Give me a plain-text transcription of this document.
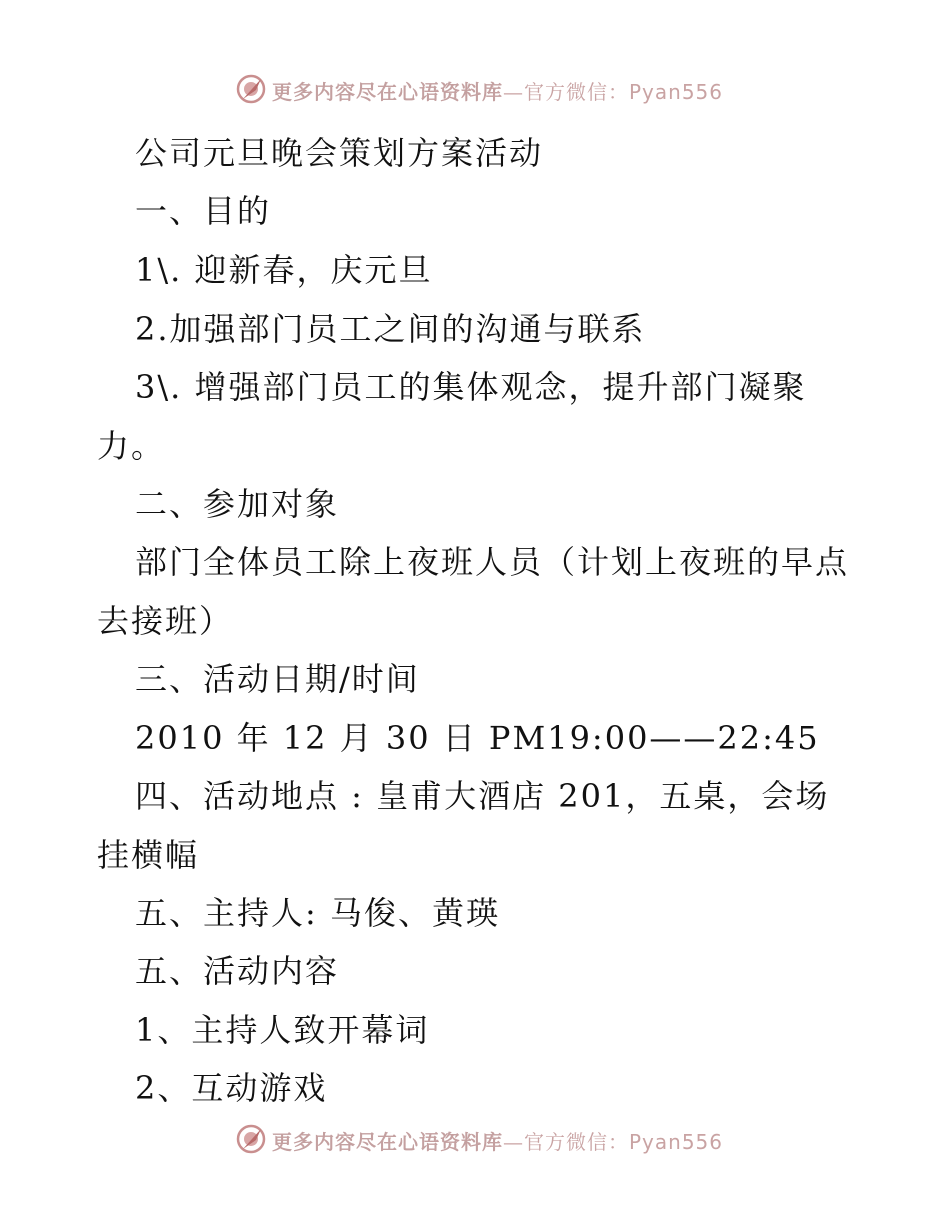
更多内容尽在心语资料库—官方微信：Pyan556
公司元旦晚会策划方案活动
一、目的
1\. 迎新春，庆元旦
2.加强部门员工之间的沟通与联系
3\. 增强部门员工的集体观念，提升部门凝聚
力。
二、参加对象
部门全体员工除上夜班人员（计划上夜班的早点
去接班）
三、活动日期/时间
2010 年 12 月 30 日 PM19:00——22:45
四、活动地点 : 皇甫大酒店 201，五桌，会场
挂横幅
五、主持人: 马俊、黄瑛
五、活动内容
1、主持人致开幕词
2、互动游戏
更多内容尽在心语资料库—官方微信：Pyan556
